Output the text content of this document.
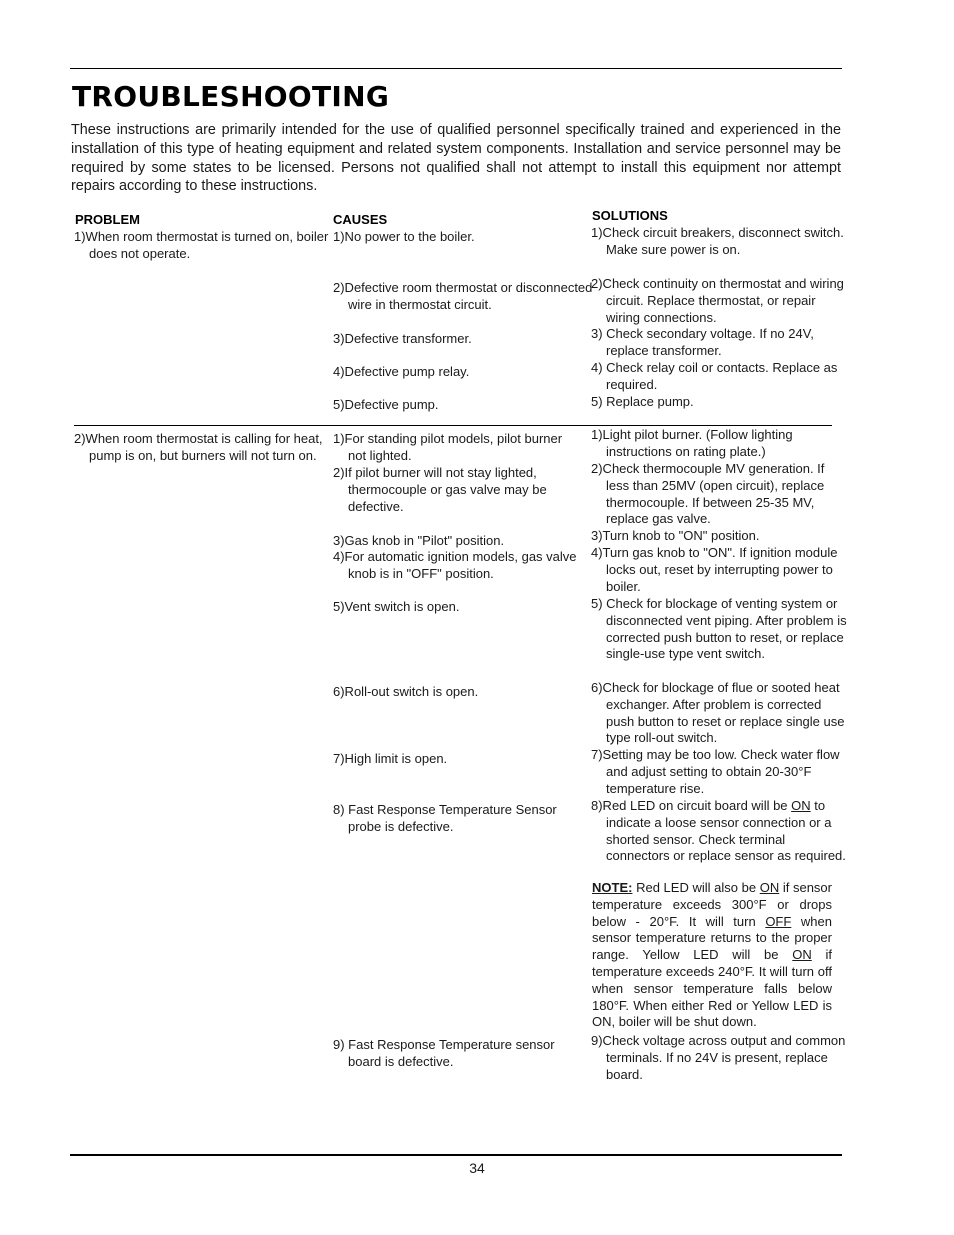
TROUBLESHOOTING

These instructions are primarily intended for the use of qualified personnel specifically trained and experienced in the installation of this type of heating equipment and related system components. Installation and service personnel may be required by some states to be licensed. Persons not qualified shall not attempt to install this equipment nor attempt repairs according to these instructions.

PROBLEM	CAUSES	SOLUTIONS
1)When room thermostat is turned on, boiler does not operate.
1)No power to the boiler.
2)Defective room thermostat or disconnected wire in thermostat circuit.
3)Defective transformer.
4)Defective pump relay.
5)Defective pump.
1)Check circuit breakers, disconnect switch. Make sure power is on.
2)Check continuity on thermostat and wiring circuit. Replace thermostat, or repair wiring connections.
3) Check secondary voltage. If no 24V, replace transformer.
4) Check relay coil or contacts. Replace as required.
5) Replace pump.
2)When room thermostat is calling for heat, pump is on, but burners will not turn on.
1)For standing pilot models, pilot burner not lighted.
2)If pilot burner will not stay lighted, thermocouple or gas valve may be defective.
3)Gas knob in "Pilot" position.
4)For automatic ignition models, gas valve knob is in "OFF" position.
5)Vent switch is open.
6)Roll-out switch is open.
7)High limit is open.
8) Fast Response Temperature Sensor probe is defective.
9) Fast Response Temperature sensor board is defective.
1)Light pilot burner. (Follow lighting instructions on rating plate.)
2)Check thermocouple MV generation. If less than 25MV (open circuit), replace thermocouple. If between 25-35 MV, replace gas valve.
3)Turn knob to "ON" position.
4)Turn gas knob to "ON". If ignition module locks out, reset by interrupting power to boiler.
5) Check for blockage of venting system or disconnected vent piping. After problem is corrected push button to reset, or replace single-use type vent switch.
6)Check for blockage of flue or sooted heat exchanger. After problem is corrected push button to reset or replace single use type roll-out switch.
7)Setting may be too low. Check water flow and adjust setting to obtain 20-30°F temperature rise.
8)Red LED on circuit board will be ON to indicate a loose sensor connection or a shorted sensor. Check terminal connectors or replace sensor as required.

NOTE: Red LED will also be ON if sensor temperature exceeds 300°F or drops below - 20°F. It will turn OFF when sensor temperature returns to the proper range. Yellow LED will be ON if temperature exceeds 240°F. It will turn off when sensor temperature falls below 180°F. When either Red or Yellow LED is ON, boiler will be shut down.

9)Check voltage across output and common terminals. If no 24V is present, replace board.
34
